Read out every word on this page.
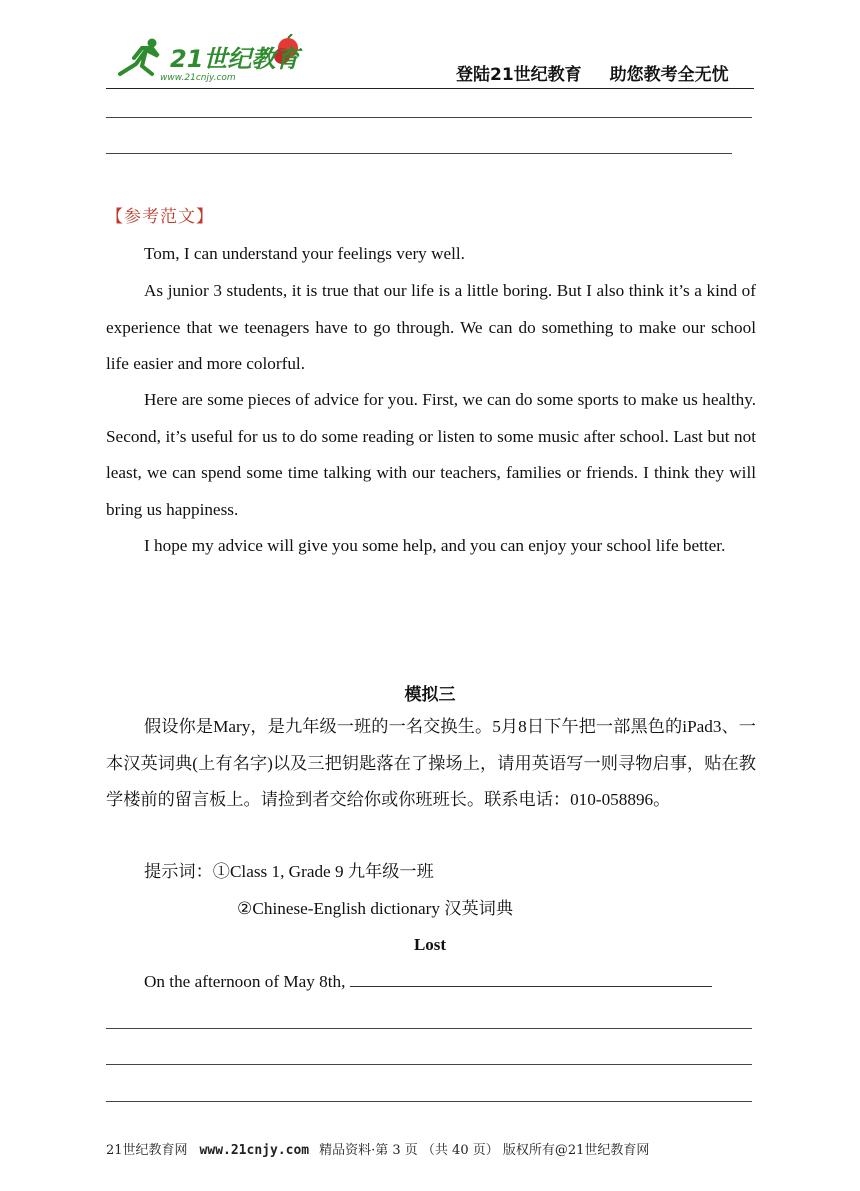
21世纪教育
www.21cnjy.com	登陆21世纪教育 助您教考全无忧
【参考范文】

Tom, I can understand your feelings very well.

As junior 3 students, it is true that our life is a little boring. But I also think it’s a kind of experience that we teenagers have to go through. We can do something to make our school life easier and more colorful.

Here are some pieces of advice for you. First, we can do some sports to make us healthy. Second, it’s useful for us to do some reading or listen to some music after school. Last but not least, we can spend some time talking with our teachers, families or friends. I think they will bring us happiness.

I hope my advice will give you some help, and you can enjoy your school life better.

模拟三

假设你是Mary，是九年级一班的一名交换生。5月8日下午把一部黑色的iPad3、一本汉英词典(上有名字)以及三把钥匙落在了操场上，请用英语写一则寻物启事，贴在教学楼前的留言板上。请捡到者交给你或你班班长。联系电话：010-058896。

提示词：①Class 1, Grade 9 九年级一班
②Chinese-English dictionary 汉英词典
Lost
On the afternoon of May 8th,
21世纪教育网 www.21cnjy.com 精品资料·第 3 页 （共 40 页） 版权所有@21世纪教育网
